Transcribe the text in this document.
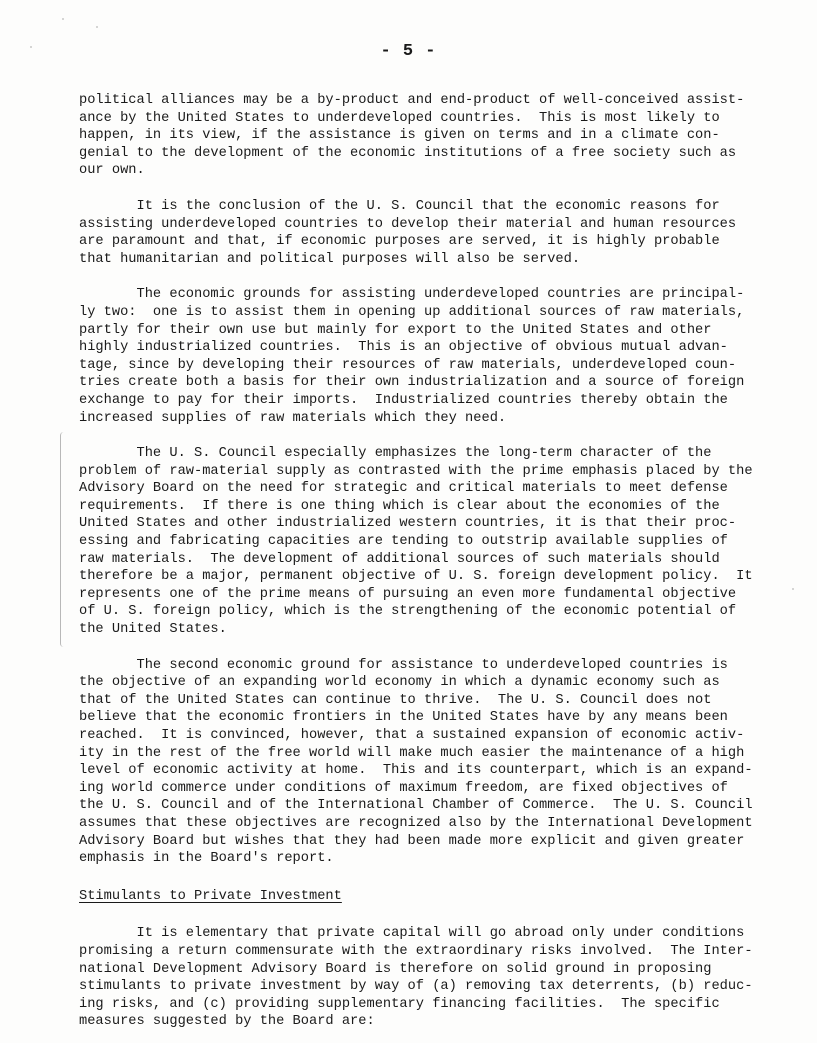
- 5 -
political alliances may be a by-product and end-product of well-conceived assist-
ance by the United States to underdeveloped countries.  This is most likely to
happen, in its view, if the assistance is given on terms and in a climate con-
genial to the development of the economic institutions of a free society such as
our own.
It is the conclusion of the U. S. Council that the economic reasons for
assisting underdeveloped countries to develop their material and human resources
are paramount and that, if economic purposes are served, it is highly probable
that humanitarian and political purposes will also be served.
The economic grounds for assisting underdeveloped countries are principal-
ly two:  one is to assist them in opening up additional sources of raw materials,
partly for their own use but mainly for export to the United States and other
highly industrialized countries.  This is an objective of obvious mutual advan-
tage, since by developing their resources of raw materials, underdeveloped coun-
tries create both a basis for their own industrialization and a source of foreign
exchange to pay for their imports.  Industrialized countries thereby obtain the
increased supplies of raw materials which they need.
The U. S. Council especially emphasizes the long-term character of the
problem of raw-material supply as contrasted with the prime emphasis placed by the
Advisory Board on the need for strategic and critical materials to meet defense
requirements.  If there is one thing which is clear about the economies of the
United States and other industrialized western countries, it is that their proc-
essing and fabricating capacities are tending to outstrip available supplies of
raw materials.  The development of additional sources of such materials should
therefore be a major, permanent objective of U. S. foreign development policy.  It
represents one of the prime means of pursuing an even more fundamental objective
of U. S. foreign policy, which is the strengthening of the economic potential of
the United States.
The second economic ground for assistance to underdeveloped countries is
the objective of an expanding world economy in which a dynamic economy such as
that of the United States can continue to thrive.  The U. S. Council does not
believe that the economic frontiers in the United States have by any means been
reached.  It is convinced, however, that a sustained expansion of economic activ-
ity in the rest of the free world will make much easier the maintenance of a high
level of economic activity at home.  This and its counterpart, which is an expand-
ing world commerce under conditions of maximum freedom, are fixed objectives of
the U. S. Council and of the International Chamber of Commerce.  The U. S. Council
assumes that these objectives are recognized also by the International Development
Advisory Board but wishes that they had been made more explicit and given greater
emphasis in the Board's report.
Stimulants to Private Investment
It is elementary that private capital will go abroad only under conditions
promising a return commensurate with the extraordinary risks involved.  The Inter-
national Development Advisory Board is therefore on solid ground in proposing
stimulants to private investment by way of (a) removing tax deterrents, (b) reduc-
ing risks, and (c) providing supplementary financing facilities.  The specific
measures suggested by the Board are:
